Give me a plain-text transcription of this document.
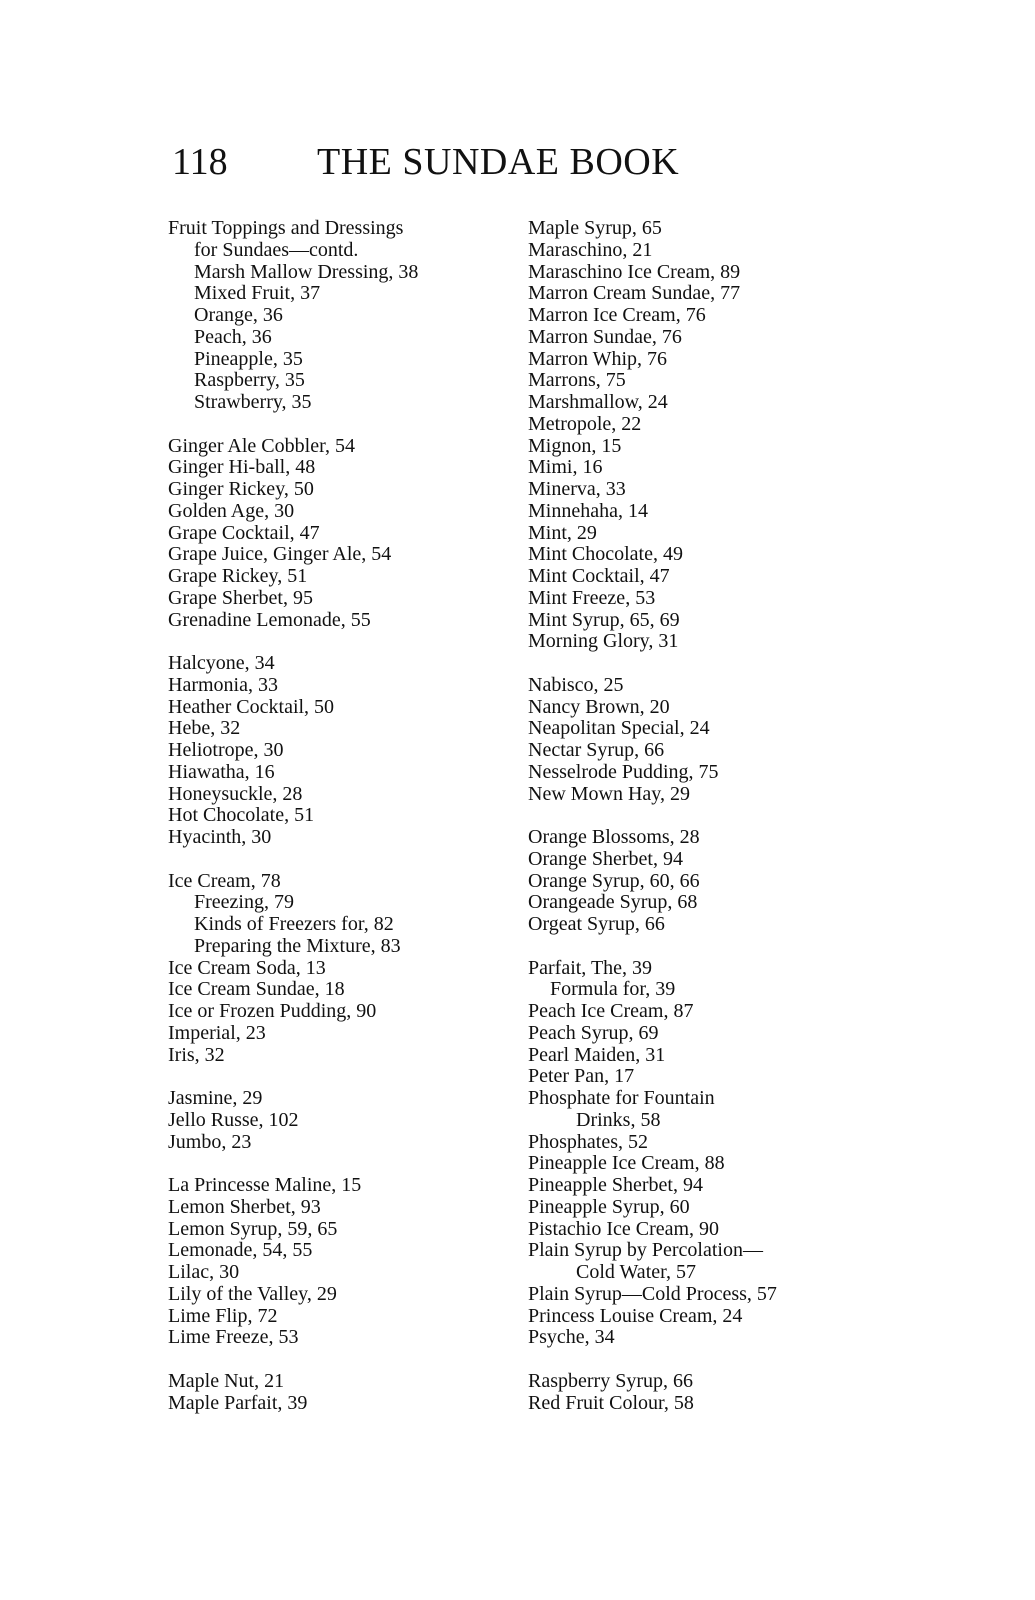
118 THE SUNDAE BOOK
Fruit Toppings and Dressings
for Sundaes—contd.
Marsh Mallow Dressing, 38
Mixed Fruit, 37
Orange, 36
Peach, 36
Pineapple, 35
Raspberry, 35
Strawberry, 35
Ginger Ale Cobbler, 54
Ginger Hi-ball, 48
Ginger Rickey, 50
Golden Age, 30
Grape Cocktail, 47
Grape Juice, Ginger Ale, 54
Grape Rickey, 51
Grape Sherbet, 95
Grenadine Lemonade, 55
Halcyone, 34
Harmonia, 33
Heather Cocktail, 50
Hebe, 32
Heliotrope, 30
Hiawatha, 16
Honeysuckle, 28
Hot Chocolate, 51
Hyacinth, 30
Ice Cream, 78
Freezing, 79
Kinds of Freezers for, 82
Preparing the Mixture, 83
Ice Cream Soda, 13
Ice Cream Sundae, 18
Ice or Frozen Pudding, 90
Imperial, 23
Iris, 32
Jasmine, 29
Jello Russe, 102
Jumbo, 23
La Princesse Maline, 15
Lemon Sherbet, 93
Lemon Syrup, 59, 65
Lemonade, 54, 55
Lilac, 30
Lily of the Valley, 29
Lime Flip, 72
Lime Freeze, 53
Maple Nut, 21
Maple Parfait, 39
Maple Syrup, 65
Maraschino, 21
Maraschino Ice Cream, 89
Marron Cream Sundae, 77
Marron Ice Cream, 76
Marron Sundae, 76
Marron Whip, 76
Marrons, 75
Marshmallow, 24
Metropole, 22
Mignon, 15
Mimi, 16
Minerva, 33
Minnehaha, 14
Mint, 29
Mint Chocolate, 49
Mint Cocktail, 47
Mint Freeze, 53
Mint Syrup, 65, 69
Morning Glory, 31
Nabisco, 25
Nancy Brown, 20
Neapolitan Special, 24
Nectar Syrup, 66
Nesselrode Pudding, 75
New Mown Hay, 29
Orange Blossoms, 28
Orange Sherbet, 94
Orange Syrup, 60, 66
Orangeade Syrup, 68
Orgeat Syrup, 66
Parfait, The, 39
Formula for, 39
Peach Ice Cream, 87
Peach Syrup, 69
Pearl Maiden, 31
Peter Pan, 17
Phosphate for Fountain
Drinks, 58
Phosphates, 52
Pineapple Ice Cream, 88
Pineapple Sherbet, 94
Pineapple Syrup, 60
Pistachio Ice Cream, 90
Plain Syrup by Percolation—
Cold Water, 57
Plain Syrup—Cold Process, 57
Princess Louise Cream, 24
Psyche, 34
Raspberry Syrup, 66
Red Fruit Colour, 58
